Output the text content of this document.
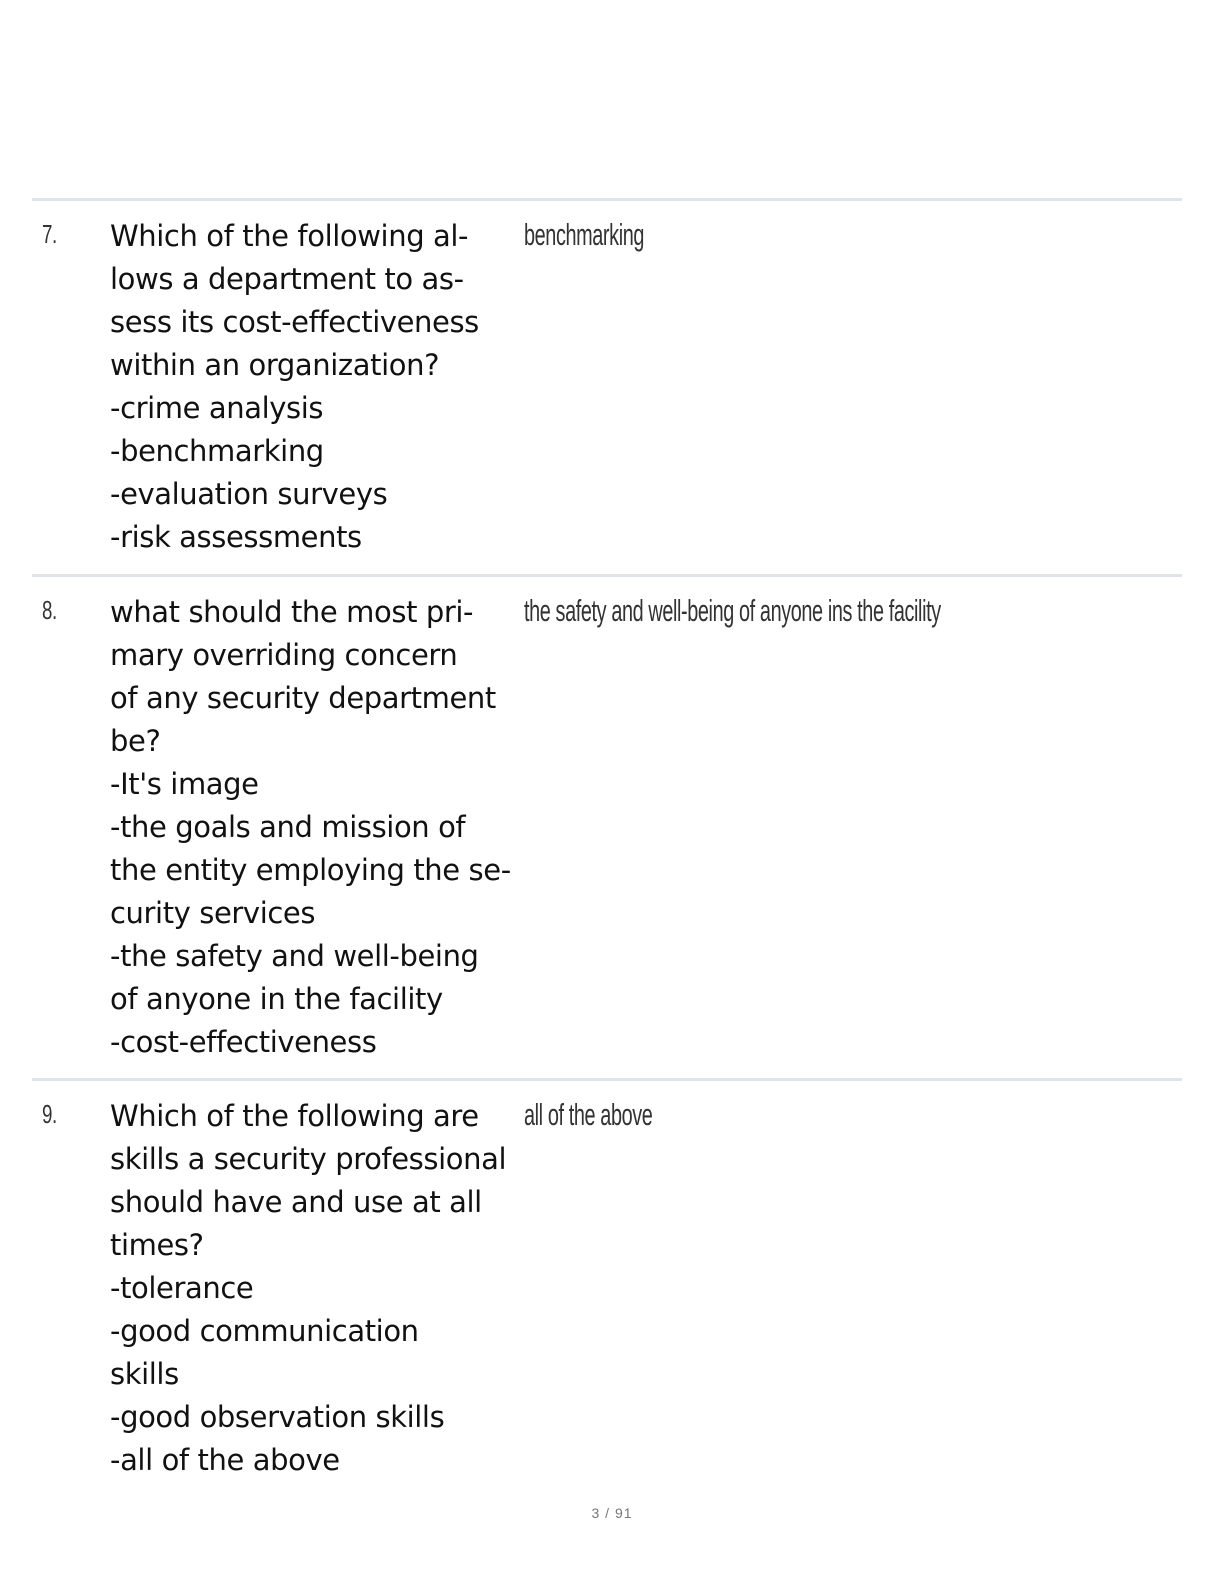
7. Which of the following al-
lows a department to as-
sess its cost-effectiveness
within an organization?
-crime analysis
-benchmarking
-evaluation surveys
-risk assessments
benchmarking
8. what should the most pri-
mary overriding concern
of any security department
be?
-It's image
-the goals and mission of
the entity employing the se-
curity services
-the safety and well-being
of anyone in the facility
-cost-effectiveness
the safety and well-being of anyone ins the facility
9. Which of the following are
skills a security professional
should have and use at all
times?
-tolerance
-good communication
skills
-good observation skills
-all of the above
all of the above
3 / 91
